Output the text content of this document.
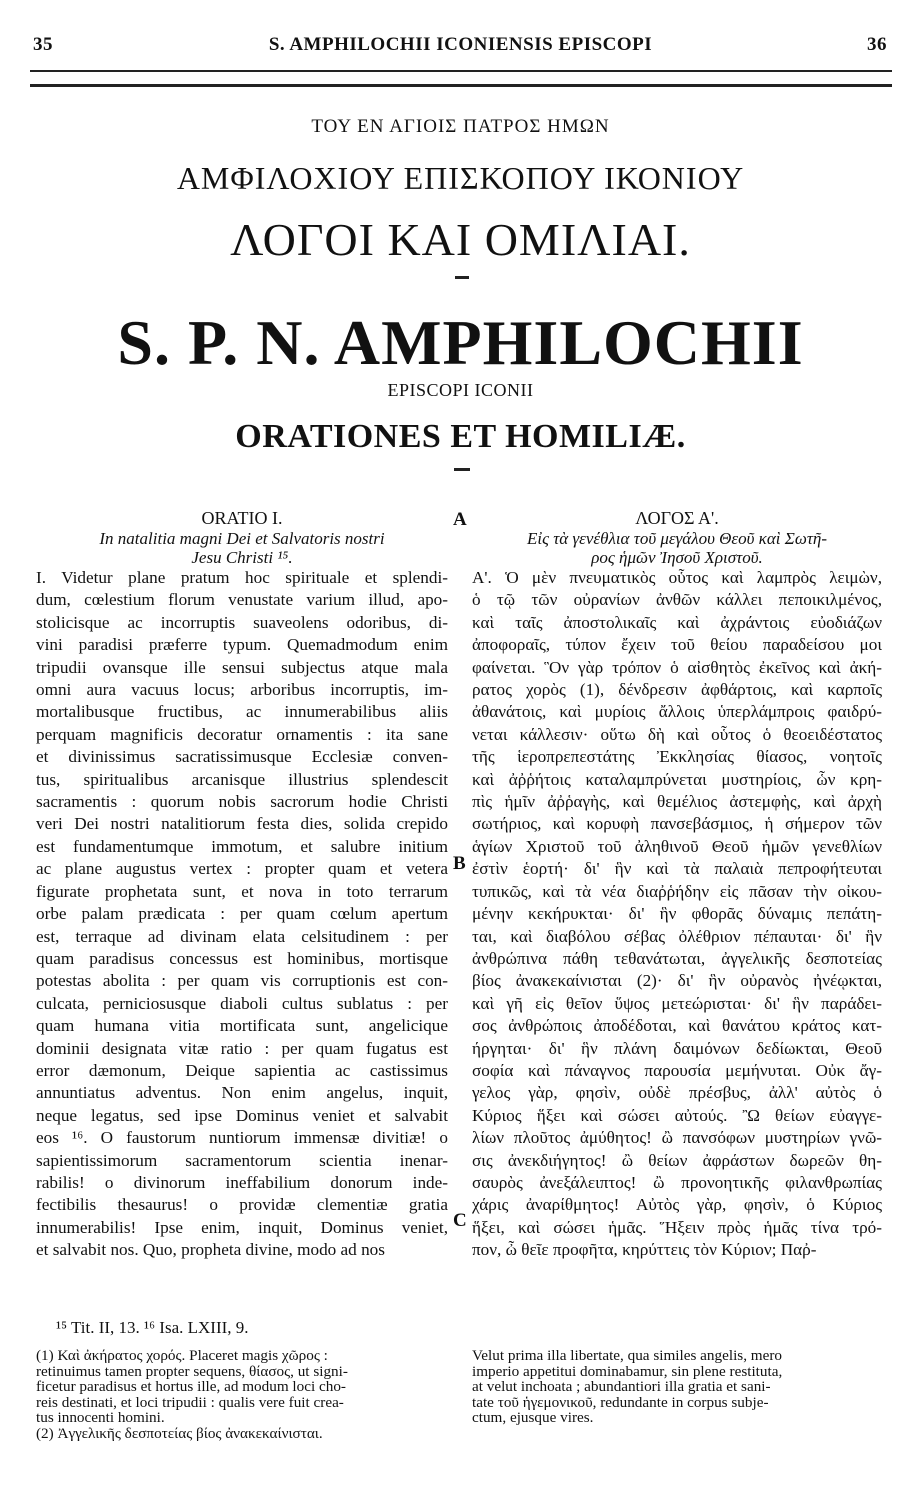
35	S. AMPHILOCHII ICONIENSIS EPISCOPI	36
ΤΟΥ ΕΝ ΑΓΙΟΙΣ ΠΑΤΡΟΣ ΗΜΩΝ
ΑΜΦΙΛΟΧΙΟΥ ΕΠΙΣΚΟΠΟΥ ΙΚΟΝΙΟΥ
ΛΟΓΟΙ ΚΑΙ ΟΜΙΛΙΑΙ.
S. P. N. AMPHILOCHII
EPISCOPI ICONII
ORATIONES ET HOMILIÆ.
ORATIO I.
In natalitia magni Dei et Salvatoris nostri
Jesu Christi ¹⁵.
I. Videtur plane pratum hoc spirituale et splendi-
dum, cœlestium florum venustate varium illud, apo-
stolicisque ac incorruptis suaveolens odoribus, di-
vini paradisi præferre typum. Quemadmodum enim
tripudii ovansque ille sensui subjectus atque mala
omni aura vacuus locus; arboribus incorruptis, im-
mortalibusque fructibus, ac innumerabilibus aliis
perquam magnificis decoratur ornamentis : ita sane
et divinissimus sacratissimusque Ecclesiæ conven-
tus, spiritualibus arcanisque illustrius splendescit
sacramentis : quorum nobis sacrorum hodie Christi
veri Dei nostri natalitiorum festa dies, solida crepido
est fundamentumque immotum, et salubre initium
ac plane augustus vertex : propter quam et vetera
figurate prophetata sunt, et nova in toto terrarum
orbe palam prædicata : per quam cœlum apertum
est, terraque ad divinam elata celsitudinem : per
quam paradisus concessus est hominibus, mortisque
potestas abolita : per quam vis corruptionis est con-
culcata, perniciosusque diaboli cultus sublatus : per
quam humana vitia mortificata sunt, angelicique
dominii designata vitæ ratio : per quam fugatus est
error dæmonum, Deique sapientia ac castissimus
annuntiatus adventus. Non enim angelus, inquit,
neque legatus, sed ipse Dominus veniet et salvabit
eos ¹⁶. O faustorum nuntiorum immensæ divitiæ! o
sapientissimorum sacramentorum scientia inenar-
rabilis! o divinorum ineffabilium donorum inde-
fectibilis thesaurus! o providæ clementiæ gratia
innumerabilis! Ipse enim, inquit, Dominus veniet,
et salvabit nos. Quo, propheta divine, modo ad nos
ΛΟΓΟΣ Α'.
Εἰς τὰ γενέθλια τοῦ μεγάλου Θεοῦ καὶ Σωτῆ-
ρος ἡμῶν Ἰησοῦ Χριστοῦ.
Α'. Ὁ μὲν πνευματικὸς οὗτος καὶ λαμπρὸς λειμὼν,
ὁ τῷ τῶν οὐρανίων ἀνθῶν κάλλει πεποικιλμένος,
καὶ ταῖς ἀποστολικαῖς καὶ ἀχράντοις εὐοδιάζων
ἀποφοραῖς, τύπον ἔχειν τοῦ θείου παραδείσου μοι
φαίνεται. Ὃν γὰρ τρόπον ὁ αἰσθητὸς ἐκεῖνος καὶ ἀκή-
ρατος χορὸς (1), δένδρεσιν ἀφθάρτοις, καὶ καρποῖς
ἀθανάτοις, καὶ μυρίοις ἄλλοις ὑπερλάμπροις φαιδρύ-
νεται κάλλεσιν· οὕτω δὴ καὶ οὗτος ὁ θεοειδέστατος
τῆς ἱεροπρεπεστάτης Ἐκκλησίας θίασος, νοητοῖς
καὶ ἀῤῥήτοις καταλαμπρύνεται μυστηρίοις, ὧν κρη-
πὶς ἡμῖν ἀῤῥαγὴς, καὶ θεμέλιος ἀστεμφὴς, καὶ ἀρχὴ
σωτήριος, καὶ κορυφὴ πανσεβάσμιος, ἡ σήμερον τῶν
ἁγίων Χριστοῦ τοῦ ἀληθινοῦ Θεοῦ ἡμῶν γενεθλίων
ἐστὶν ἑορτή· δι' ἣν καὶ τὰ παλαιὰ πεπροφήτευται
τυπικῶς, καὶ τὰ νέα διαῤῥήδην εἰς πᾶσαν τὴν οἰκου-
μένην κεκήρυκται· δι' ἣν φθορᾶς δύναμις πεπάτη-
ται, καὶ διαβόλου σέβας ὀλέθριον πέπαυται· δι' ἣν
ἀνθρώπινα πάθη τεθανάτωται, ἀγγελικῆς δεσποτείας
βίος ἀνακεκαίνισται (2)· δι' ἣν οὐρανὸς ἠνέῳκται,
καὶ γῆ εἰς θεῖον ὕψος μετεώρισται· δι' ἣν παράδει-
σος ἀνθρώποις ἀποδέδοται, καὶ θανάτου κράτος κατ-
ήργηται· δι' ἣν πλάνη δαιμόνων δεδίωκται, Θεοῦ
σοφία καὶ πάναγνος παρουσία μεμήνυται. Οὐκ ἄγ-
γελος γὰρ, φησὶν, οὐδὲ πρέσβυς, ἀλλ' αὐτὸς ὁ
Κύριος ἥξει καὶ σώσει αὐτούς. Ὢ θείων εὐαγγε-
λίων πλοῦτος ἀμύθητος! ὢ πανσόφων μυστηρίων γνῶ-
σις ἀνεκδιήγητος! ὢ θείων ἀφράστων δωρεῶν θη-
σαυρὸς ἀνεξάλειπτος! ὢ προνοητικῆς φιλανθρωπίας
χάρις ἀναρίθμητος! Αὐτὸς γὰρ, φησὶν, ὁ Κύριος
ἥξει, καὶ σώσει ἡμᾶς. Ἥξειν πρὸς ἡμᾶς τίνα τρό-
πον, ὦ θεῖε προφῆτα, κηρύττεις τὸν Κύριον; Παῤ-
A
B
C
¹⁵ Tit. II, 13. ¹⁶ Isa. LXIII, 9.
(1) Καὶ ἀκήρατος χορός. Placeret magis χῶρος :
retinuimus tamen propter sequens, θίασος, ut signi-
ficetur paradisus et hortus ille, ad modum loci cho-
reis destinati, et loci tripudii : qualis vere fuit crea-
tus innocenti homini.
(2) Ἀγγελικῆς δεσποτείας βίος ἀνακεκαίνισται.
Velut prima illa libertate, qua similes angelis, mero
imperio appetitui dominabamur, sin plene restituta,
at velut inchoata ; abundantiori illa gratia et sani-
tate τοῦ ἡγεμονικοῦ, redundante in corpus subje-
ctum, ejusque vires.
